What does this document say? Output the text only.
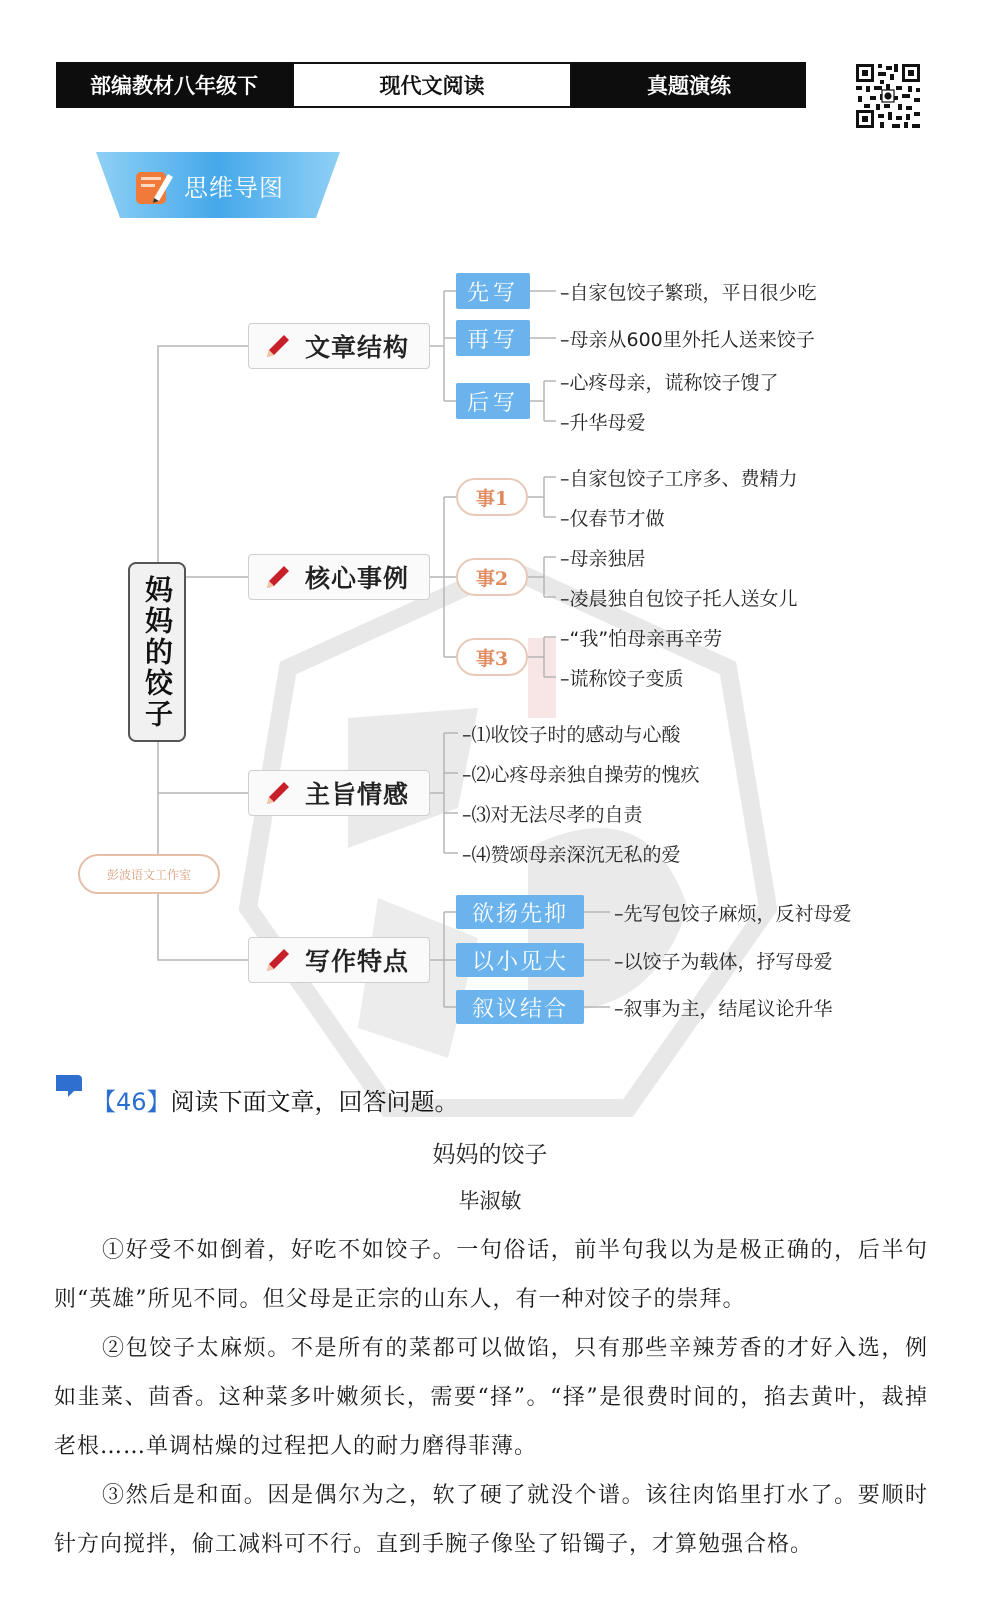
部编教材八年级下	现代文阅读	真题演练
思维导图
妈妈的饺子
彭波语文工作室
文章结构
先写
再写
后写
–自家包饺子繁琐，平日很少吃
–母亲从600里外托人送来饺子
–心疼母亲，谎称饺子馊了
–升华母爱
核心事例
事1
事2
事3
–自家包饺子工序多、费精力
–仅春节才做
–母亲独居
–凌晨独自包饺子托人送女儿
–“我”怕母亲再辛劳
–谎称饺子变质
主旨情感
–⑴收饺子时的感动与心酸
–⑵心疼母亲独自操劳的愧疚
–⑶对无法尽孝的自责
–⑷赞颂母亲深沉无私的爱
写作特点
欲扬先抑
以小见大
叙议结合
–先写包饺子麻烦，反衬母爱
–以饺子为载体，抒写母爱
–叙事为主，结尾议论升华
【46】阅读下面文章，回答问题。
妈妈的饺子
毕淑敏
①好受不如倒着，好吃不如饺子。一句俗话，前半句我以为是极正确的，后半句则“英雄”所见不同。但父母是正宗的山东人，有一种对饺子的崇拜。
②包饺子太麻烦。不是所有的菜都可以做馅，只有那些辛辣芳香的才好入选，例如韭菜、茴香。这种菜多叶嫩须长，需要“择”。“择”是很费时间的，掐去黄叶，裁掉老根……单调枯燥的过程把人的耐力磨得菲薄。
③然后是和面。因是偶尔为之，软了硬了就没个谱。该往肉馅里打水了。要顺时针方向搅拌，偷工减料可不行。直到手腕子像坠了铅镯子，才算勉强合格。
